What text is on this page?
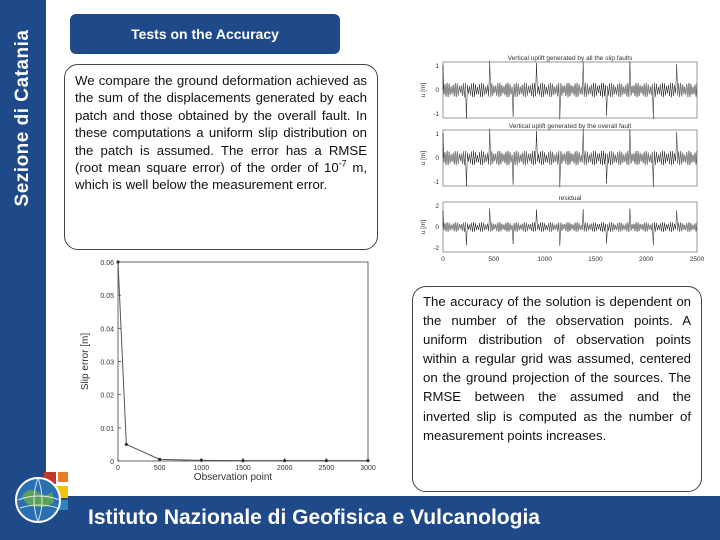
Sezione di Catania	Tests on the Accuracy
We compare the ground deformation achieved as the sum of the displacements generated by each patch and those obtained by the overall fault. In these computations a uniform slip distribution on the patch is assumed. The error has a RMSE (root mean square error) of the order of $10^{-7}$ m, which is well below the measurement error.
Vertical uplift generated by all the slip faults
u [m]
1
0
-1
Vertical uplift generated by the overall fault
u [m]
1
0
-1
residual
u [m]
2
0
-2
0	500	1000	1500	2000	2500
0
0.01
0.02
0.03
0.04
0.05
0.06
0	500	1000	1500	2000	2500	3000
Observation point
Slip error [m]
The accuracy of the solution is dependent on the number of the observation points. A uniform distribution of observation points within a regular grid was assumed, centered on the ground projection of the sources. The RMSE between the assumed and the inverted slip is computed as the number of measurement points increases.
Istituto Nazionale di Geofisica e Vulcanologia
